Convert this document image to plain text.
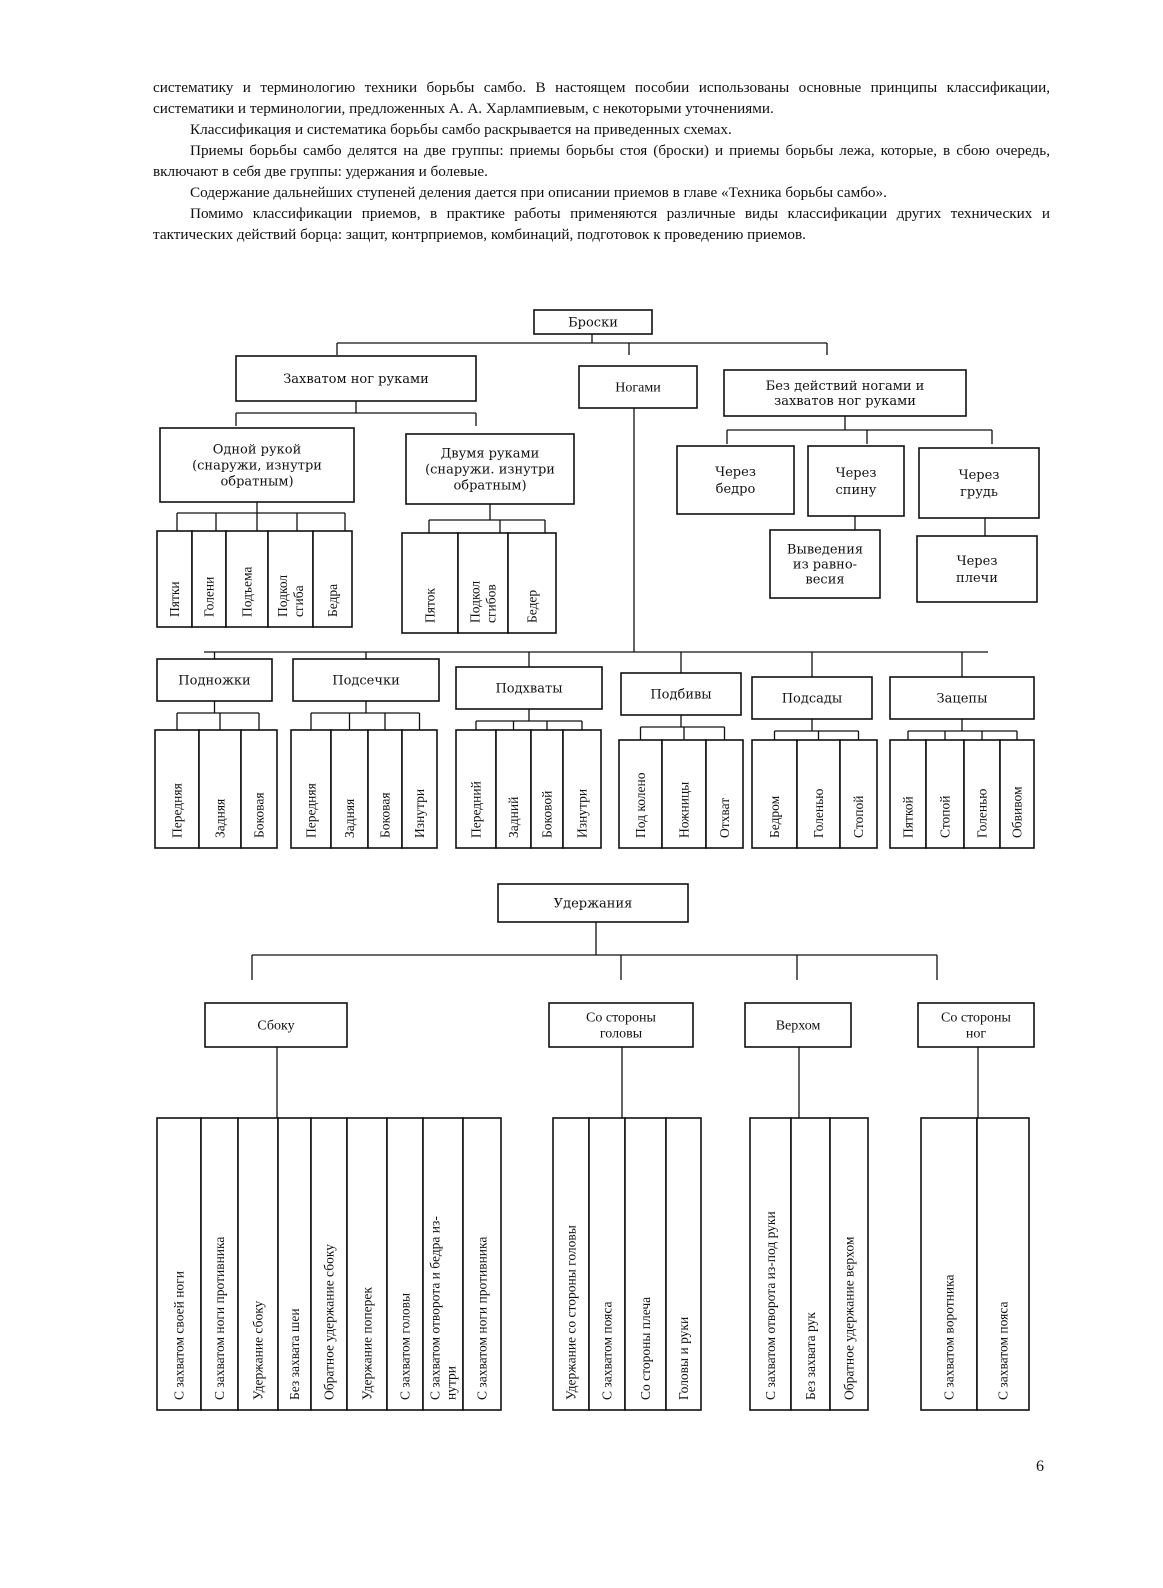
систематику и терминологию техники борьбы самбо. В настоящем пособии использованы основные принципы классификации, систематики и терминологии, предложенных А. А. Харлампиевым, с некоторыми уточнениями.

Классификация и систематика борьбы самбо раскрывается на приведенных схемах.

Приемы борьбы самбо делятся на две группы: приемы борьбы стоя (броски) и приемы борьбы лежа, которые, в сбою очередь, включают в себя две группы: удержания и болевые.

Содержание дальнейших ступеней деления дается при описании приемов в главе «Техника борьбы самбо».

Помимо классификации приемов, в практике работы применяются различные виды классификации других технических и тактических действий борца: защит, контрприемов, комбинаций, подготовок к проведению приемов.

Броски
Захватом ног руками
Ногами	Без действий ногами и захватов ног руками
Одной рукой (снаружи, изнутри обратным)
Двумя руками (снаружи. изнутри обратным)
Пятки Голени Подъема Подколсгиба Бедра	Пяток Подколсгибов Бедер
Через бедро
Через спину
Через грудь
Выведения из равно-весия
Через плечи
Подножки
Передняя Задняя Боковая
Подсечки
Передняя Задняя Боковая Изнутри
Подхваты
Передний Задний Боковой Изнутри
Подбивы
Под колено Ножницы Отхват
Подсады
Бедром Голенью Стопой
Зацепы
Пяткой Стопой Голенью Обвивом
Удержания
Сбоку
С захватом своей ноги С захватом ноги противника Удержание сбоку Без захвата шеи Обратное удержание сбоку Удержание поперек С захватом головы С захватом отворота и бедра из-нутри С захватом ноги противника
Со стороны головы
Удержание со стороны головы С захватом пояса Со стороны плеча Головы и руки
Верхом
С захватом отворота из-под руки Без захвата рук Обратное удержание верхом
Со стороны ног
С захватом воротника	С захватом пояса
6
